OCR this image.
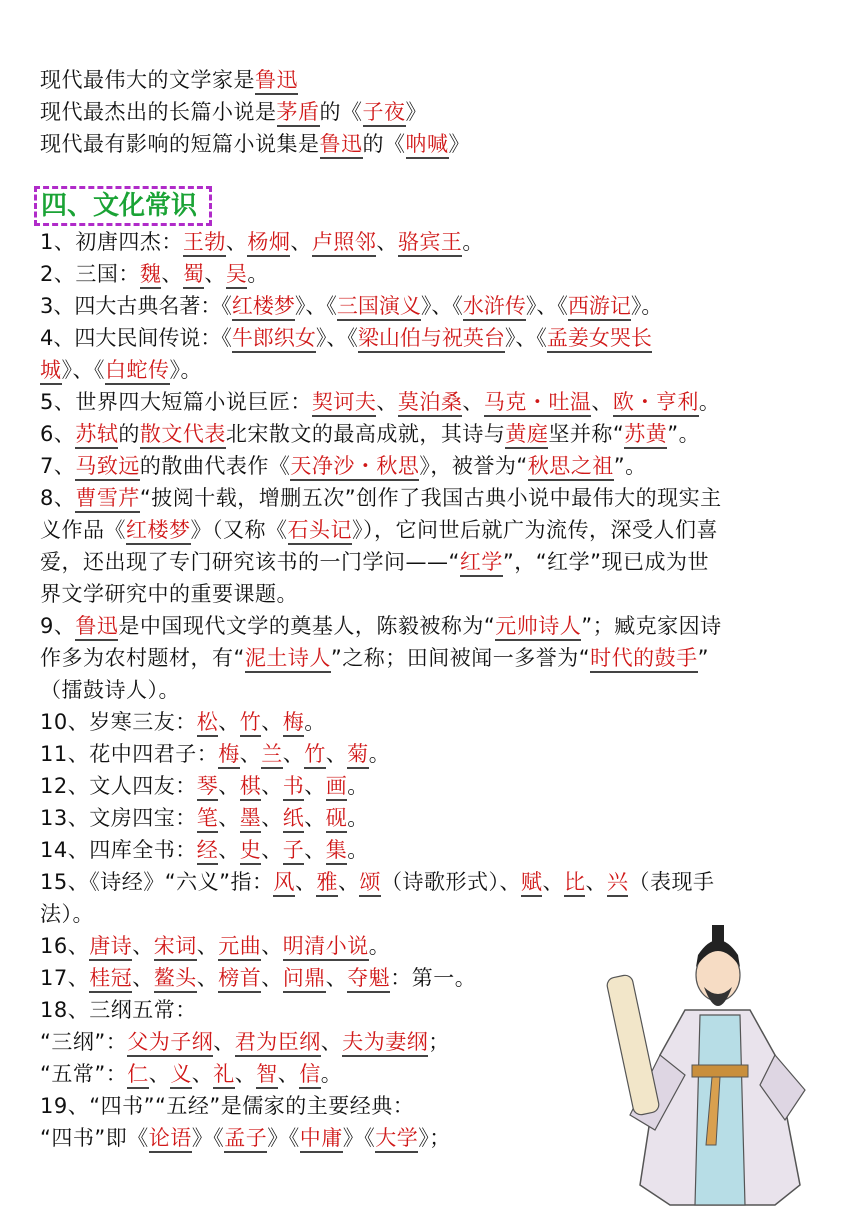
现代最伟大的文学家是鲁迅
现代最杰出的长篇小说是茅盾的《子夜》
现代最有影响的短篇小说集是鲁迅的《呐喊》
四、文化常识
1、初唐四杰：王勃、杨炯、卢照邻、骆宾王。
2、三国：魏、蜀、吴。
3、四大古典名著：《红楼梦》、《三国演义》、《水浒传》、《西游记》。
4、四大民间传说：《牛郎织女》、《梁山伯与祝英台》、《孟姜女哭长
城》、《白蛇传》。
5、世界四大短篇小说巨匠：契诃夫、莫泊桑、马克・吐温、欧・亨利。
6、苏轼的散文代表北宋散文的最高成就，其诗与黄庭坚并称“苏黄”。
7、马致远的散曲代表作《天净沙・秋思》，被誉为“秋思之祖”。
8、曹雪芹“披阅十载，增删五次”创作了我国古典小说中最伟大的现实主
义作品《红楼梦》（又称《石头记》），它问世后就广为流传，深受人们喜
爱，还出现了专门研究该书的一门学问——“红学”，“红学”现已成为世
界文学研究中的重要课题。
9、鲁迅是中国现代文学的奠基人，陈毅被称为“元帅诗人”；臧克家因诗
作多为农村题材，有“泥土诗人”之称；田间被闻一多誉为“时代的鼓手”
（擂鼓诗人）。
10、岁寒三友：松、竹、梅。
11、花中四君子：梅、兰、竹、菊。
12、文人四友：琴、棋、书、画。
13、文房四宝：笔、墨、纸、砚。
14、四库全书：经、史、子、集。
15、《诗经》“六义”指：风、雅、颂（诗歌形式）、赋、比、兴（表现手
法）。
16、唐诗、宋词、元曲、明清小说。
17、桂冠、鳌头、榜首、问鼎、夺魁：第一。
18、三纲五常：
“三纲”：父为子纲、君为臣纲、夫为妻纲；
“五常”：仁、义、礼、智、信。
19、“四书”“五经”是儒家的主要经典：
“四书”即《论语》《孟子》《中庸》《大学》；
